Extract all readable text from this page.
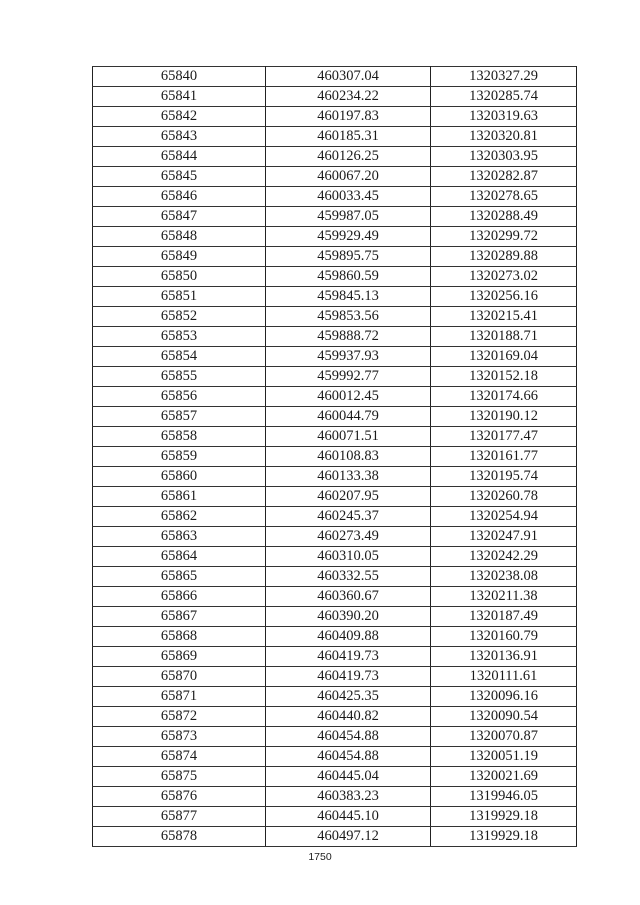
65840	460307.04	1320327.29
65841	460234.22	1320285.74
65842	460197.83	1320319.63
65843	460185.31	1320320.81
65844	460126.25	1320303.95
65845	460067.20	1320282.87
65846	460033.45	1320278.65
65847	459987.05	1320288.49
65848	459929.49	1320299.72
65849	459895.75	1320289.88
65850	459860.59	1320273.02
65851	459845.13	1320256.16
65852	459853.56	1320215.41
65853	459888.72	1320188.71
65854	459937.93	1320169.04
65855	459992.77	1320152.18
65856	460012.45	1320174.66
65857	460044.79	1320190.12
65858	460071.51	1320177.47
65859	460108.83	1320161.77
65860	460133.38	1320195.74
65861	460207.95	1320260.78
65862	460245.37	1320254.94
65863	460273.49	1320247.91
65864	460310.05	1320242.29
65865	460332.55	1320238.08
65866	460360.67	1320211.38
65867	460390.20	1320187.49
65868	460409.88	1320160.79
65869	460419.73	1320136.91
65870	460419.73	1320111.61
65871	460425.35	1320096.16
65872	460440.82	1320090.54
65873	460454.88	1320070.87
65874	460454.88	1320051.19
65875	460445.04	1320021.69
65876	460383.23	1319946.05
65877	460445.10	1319929.18
65878	460497.12	1319929.18
1750
